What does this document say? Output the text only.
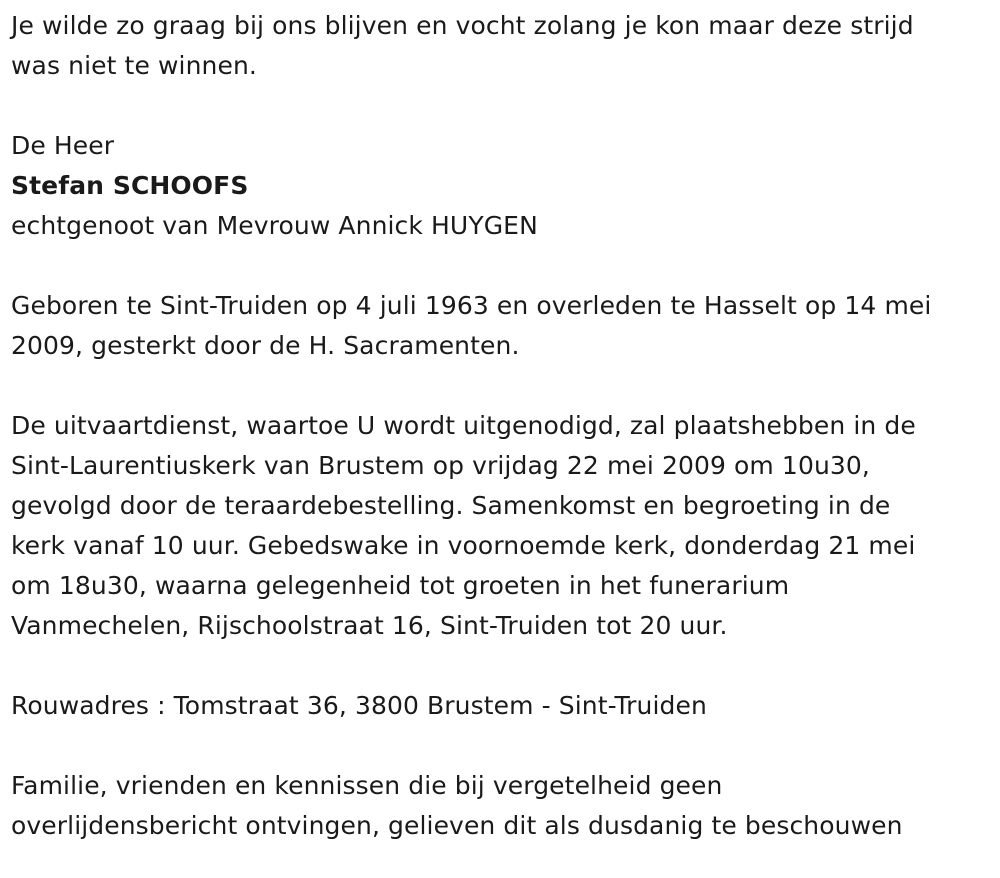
Je wilde zo graag bij ons blijven en vocht zolang je kon maar deze strijd
was niet te winnen.

De Heer

Stefan SCHOOFS

echtgenoot van Mevrouw Annick HUYGEN

Geboren te Sint-Truiden op 4 juli 1963 en overleden te Hasselt op 14 mei
2009, gesterkt door de H. Sacramenten.

De uitvaartdienst, waartoe U wordt uitgenodigd, zal plaatshebben in de
Sint-Laurentiuskerk van Brustem op vrijdag 22 mei 2009 om 10u30,
gevolgd door de teraardebestelling. Samenkomst en begroeting in de
kerk vanaf 10 uur. Gebedswake in voornoemde kerk, donderdag 21 mei
om 18u30, waarna gelegenheid tot groeten in het funerarium
Vanmechelen, Rijschoolstraat 16, Sint-Truiden tot 20 uur.

Rouwadres : Tomstraat 36, 3800 Brustem - Sint-Truiden

Familie, vrienden en kennissen die bij vergetelheid geen
overlijdensbericht ontvingen, gelieven dit als dusdanig te beschouwen
